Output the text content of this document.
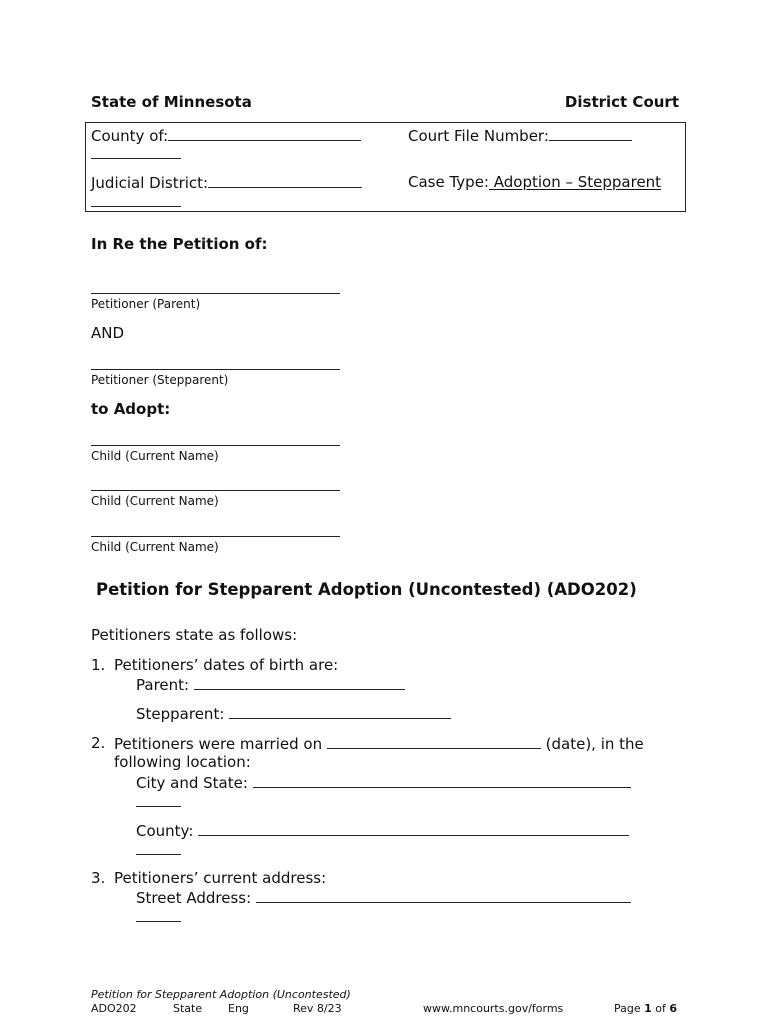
State of Minnesota	District Court
County of:	Court File Number:
Judicial District:	Case Type: Adoption – Stepparent
In Re the Petition of:
Petitioner (Parent)
AND
Petitioner (Stepparent)
to Adopt:
Child (Current Name)
Child (Current Name)
Child (Current Name)
Petition for Stepparent Adoption (Uncontested) (ADO202)
Petitioners state as follows:
1. Petitioners’ dates of birth are:
Parent:
Stepparent:
2. Petitioners were married on	(date), in the
following location:
City and State:
County:
3. Petitioners’ current address:
Street Address:
Petition for Stepparent Adoption (Uncontested)
ADO202	State Eng	Rev 8/23	www.mncourts.gov/forms	Page 1 of 6
